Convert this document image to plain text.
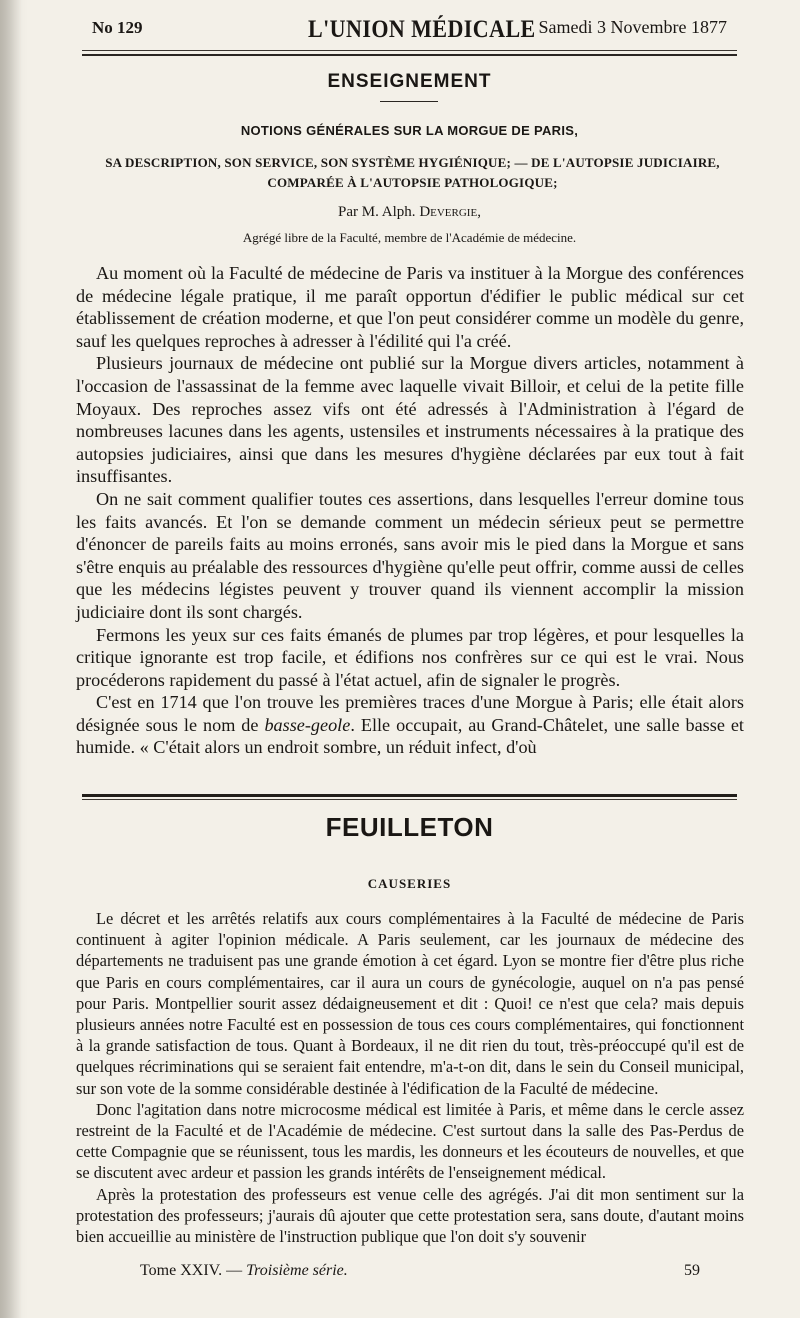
No 129	L'UNION MÉDICALE Samedi 3 Novembre 1877
ENSEIGNEMENT
NOTIONS GÉNÉRALES SUR LA MORGUE DE PARIS,
SA DESCRIPTION, SON SERVICE, SON SYSTÈME HYGIÉNIQUE; — DE L'AUTOPSIE JUDICIAIRE,
COMPARÉE À L'AUTOPSIE PATHOLOGIQUE;
Par M. Alph. Devergie,
Agrégé libre de la Faculté, membre de l'Académie de médecine.

Au moment où la Faculté de médecine de Paris va instituer à la Morgue des conférences de médecine légale pratique, il me paraît opportun d'édifier le public médical sur cet établissement de création moderne, et que l'on peut considérer comme un modèle du genre, sauf les quelques reproches à adresser à l'édilité qui l'a créé.

Plusieurs journaux de médecine ont publié sur la Morgue divers articles, notamment à l'occasion de l'assassinat de la femme avec laquelle vivait Billoir, et celui de la petite fille Moyaux. Des reproches assez vifs ont été adressés à l'Administration à l'égard de nombreuses lacunes dans les agents, ustensiles et instruments nécessaires à la pratique des autopsies judiciaires, ainsi que dans les mesures d'hygiène déclarées par eux tout à fait insuffisantes.

On ne sait comment qualifier toutes ces assertions, dans lesquelles l'erreur domine tous les faits avancés. Et l'on se demande comment un médecin sérieux peut se permettre d'énoncer de pareils faits au moins erronés, sans avoir mis le pied dans la Morgue et sans s'être enquis au préalable des ressources d'hygiène qu'elle peut offrir, comme aussi de celles que les médecins légistes peuvent y trouver quand ils viennent accomplir la mission judiciaire dont ils sont chargés.

Fermons les yeux sur ces faits émanés de plumes par trop légères, et pour lesquelles la critique ignorante est trop facile, et édifions nos confrères sur ce qui est le vrai. Nous procéderons rapidement du passé à l'état actuel, afin de signaler le progrès.

C'est en 1714 que l'on trouve les premières traces d'une Morgue à Paris; elle était alors désignée sous le nom de basse-geole. Elle occupait, au Grand-Châtelet, une salle basse et humide. « C'était alors un endroit sombre, un réduit infect, d'où

FEUILLETON
CAUSERIES

Le décret et les arrêtés relatifs aux cours complémentaires à la Faculté de médecine de Paris continuent à agiter l'opinion médicale. A Paris seulement, car les journaux de médecine des départements ne traduisent pas une grande émotion à cet égard. Lyon se montre fier d'être plus riche que Paris en cours complémentaires, car il aura un cours de gynécologie, auquel on n'a pas pensé pour Paris. Montpellier sourit assez dédaigneusement et dit : Quoi! ce n'est que cela? mais depuis plusieurs années notre Faculté est en possession de tous ces cours complémentaires, qui fonctionnent à la grande satisfaction de tous. Quant à Bordeaux, il ne dit rien du tout, très-préoccupé qu'il est de quelques récriminations qui se seraient fait entendre, m'a-t-on dit, dans le sein du Conseil municipal, sur son vote de la somme considérable destinée à l'édification de la Faculté de médecine.

Donc l'agitation dans notre microcosme médical est limitée à Paris, et même dans le cercle assez restreint de la Faculté et de l'Académie de médecine. C'est surtout dans la salle des Pas-Perdus de cette Compagnie que se réunissent, tous les mardis, les donneurs et les écouteurs de nouvelles, et que se discutent avec ardeur et passion les grands intérêts de l'enseignement médical.

Après la protestation des professeurs est venue celle des agrégés. J'ai dit mon sentiment sur la protestation des professeurs; j'aurais dû ajouter que cette protestation sera, sans doute, d'autant moins bien accueillie au ministère de l'instruction publique que l'on doit s'y souvenir

Tome XXIV. — Troisième série.	59
